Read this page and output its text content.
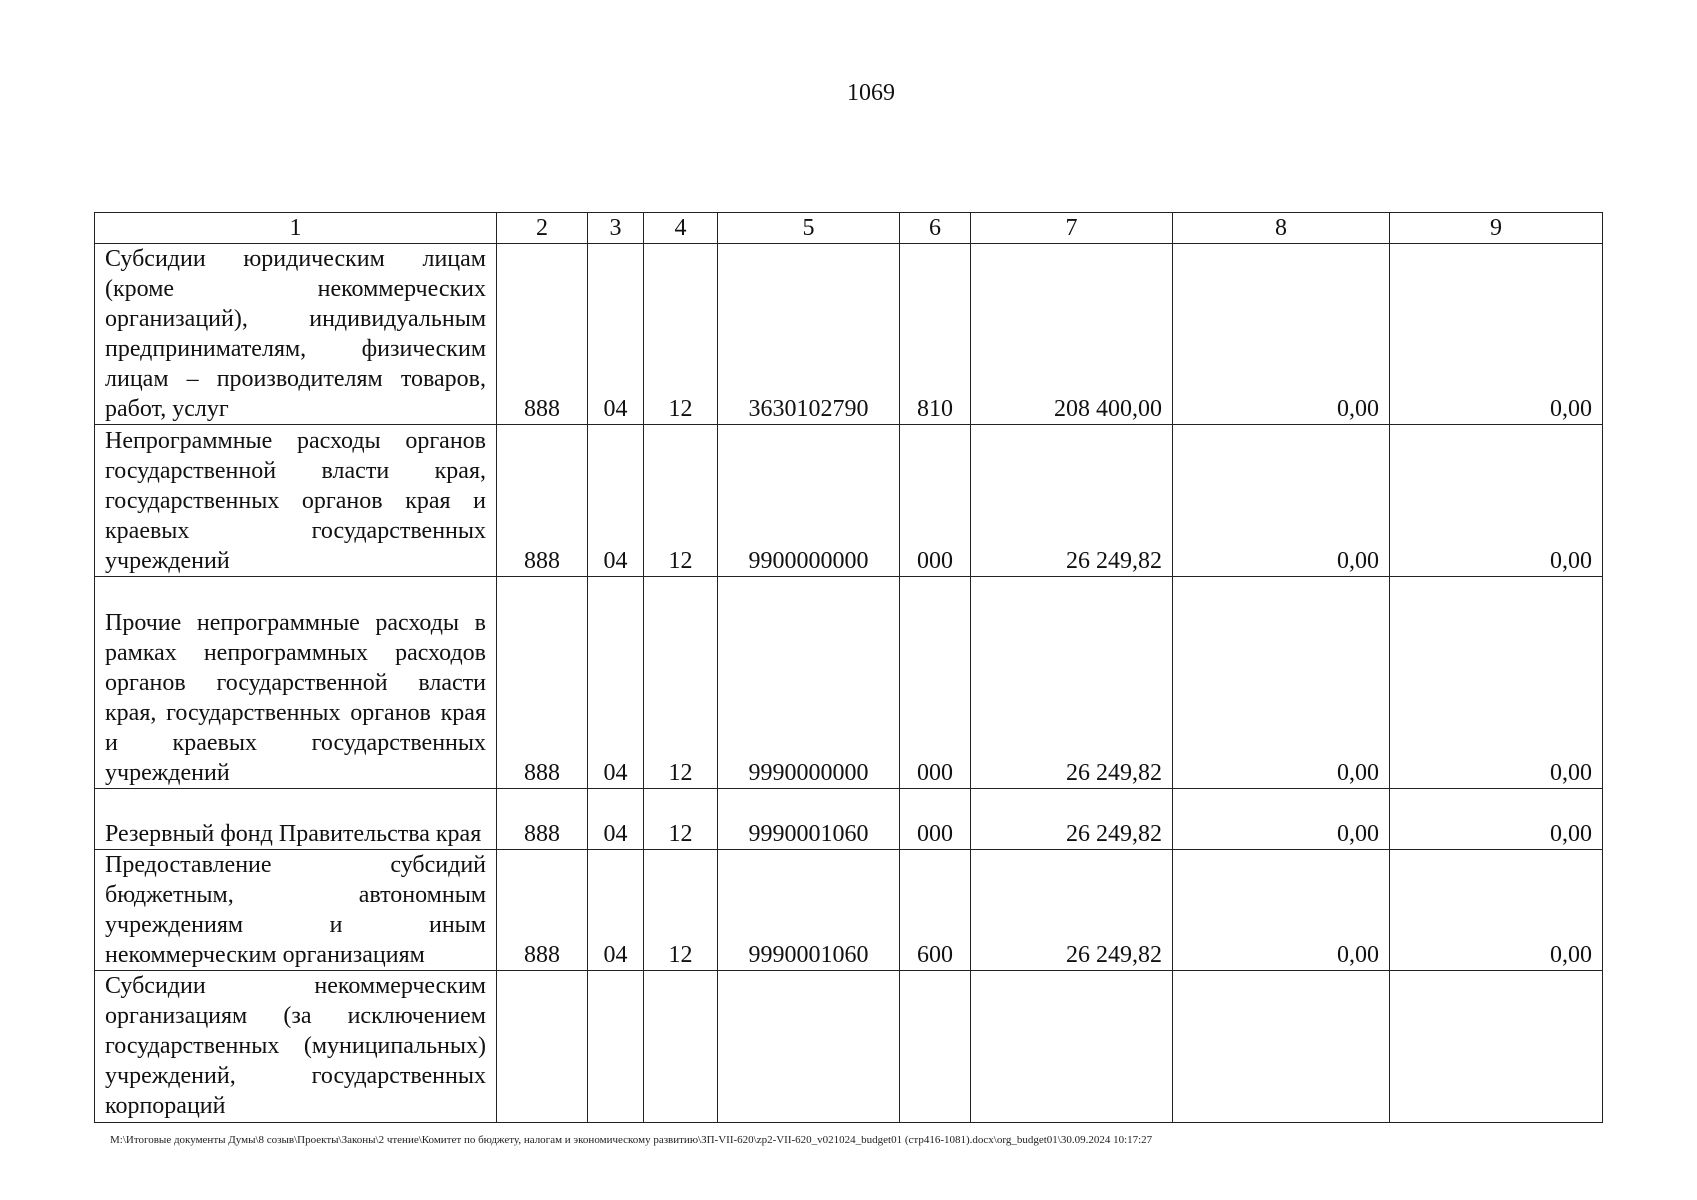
1069
1	2	3	4	5	6	7	8	9
Субсидии юридическим лицам (кроме некоммерческих организаций), индивидуальным предпринимателям, физическим лицам – производителям товаров, работ, услуг	888	04	12	3630102790	810	208 400,00	0,00	0,00
Непрограммные расходы органов государственной власти края, государственных органов края и краевых государственных учреждений	888	04	12	9900000000	000	26 249,82	0,00	0,00
Прочие непрограммные расходы в рамках непрограммных расходов органов государственной власти края, государственных органов края и краевых государственных учреждений	888	04	12	9990000000	000	26 249,82	0,00	0,00
Резервный фонд Правительства края	888	04	12	9990001060	000	26 249,82	0,00	0,00
Предоставление субсидий бюджетным, автономным учреждениям и иным некоммерческим организациям	888	04	12	9990001060	600	26 249,82	0,00	0,00
Субсидии некоммерческим организациям (за исключением государственных (муниципальных) учреждений, государственных корпораций								
M:\Итоговые документы Думы\8 созыв\Проекты\Законы\2 чтение\Комитет по бюджету, налогам и экономическому развитию\ЗП-VII-620\zp2-VII-620_v021024_budget01 (стр416-1081).docx\org_budget01\30.09.2024 10:17:27
